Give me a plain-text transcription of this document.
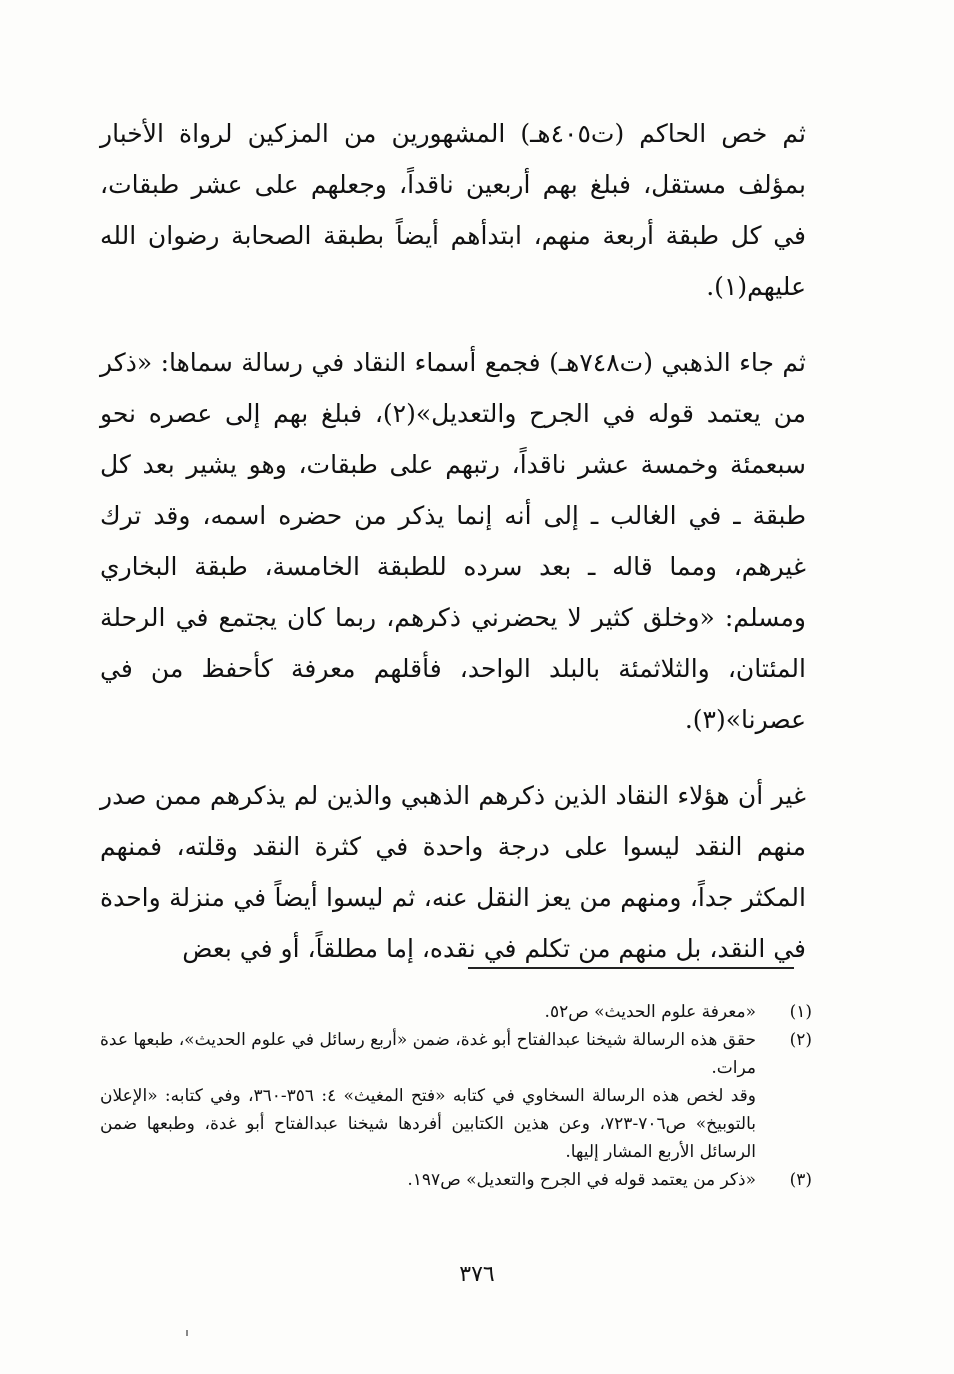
ثم خص الحاكم (ت٤٠٥هـ) المشهورين من المزكين لرواة الأخبار بمؤلف مستقل، فبلغ بهم أربعين ناقداً، وجعلهم على عشر طبقات، في كل طبقة أربعة منهم، ابتدأهم أيضاً بطبقة الصحابة رضوان الله عليهم(١).

ثم جاء الذهبي (ت٧٤٨هـ) فجمع أسماء النقاد في رسالة سماها: «ذكر من يعتمد قوله في الجرح والتعديل»(٢)، فبلغ بهم إلى عصره نحو سبعمئة وخمسة عشر ناقداً، رتبهم على طبقات، وهو يشير بعد كل طبقة ـ في الغالب ـ إلى أنه إنما يذكر من حضره اسمه، وقد ترك غيرهم، ومما قاله ـ بعد سرده للطبقة الخامسة، طبقة البخاري ومسلم: «وخلق كثير لا يحضرني ذكرهم، ربما كان يجتمع في الرحلة المئتان، والثلاثمئة بالبلد الواحد، فأقلهم معرفة كأحفظ من في عصرنا»(٣).

غير أن هؤلاء النقاد الذين ذكرهم الذهبي والذين لم يذكرهم ممن صدر منهم النقد ليسوا على درجة واحدة في كثرة النقد وقلته، فمنهم المكثر جداً، ومنهم من يعز النقل عنه، ثم ليسوا أيضاً في منزلة واحدة في النقد، بل منهم من تكلم في نقده، إما مطلقاً، أو في بعض

(١)
«معرفة علوم الحديث» ص٥٢.
(٢)
حقق هذه الرسالة شيخنا عبدالفتاح أبو غدة، ضمن «أربع رسائل في علوم الحديث»، طبعها عدة مرات.
وقد لخص هذه الرسالة السخاوي في كتابه «فتح المغيث» ٤: ٣٥٦-٣٦٠، وفي كتابه: «الإعلان بالتوبيخ» ص٧٠٦-٧٢٣، وعن هذين الكتابين أفردها شيخنا عبدالفتاح أبو غدة، وطبعها ضمن الرسائل الأربع المشار إليها.
(٣)
«ذكر من يعتمد قوله في الجرح والتعديل» ص١٩٧.
٣٧٦
